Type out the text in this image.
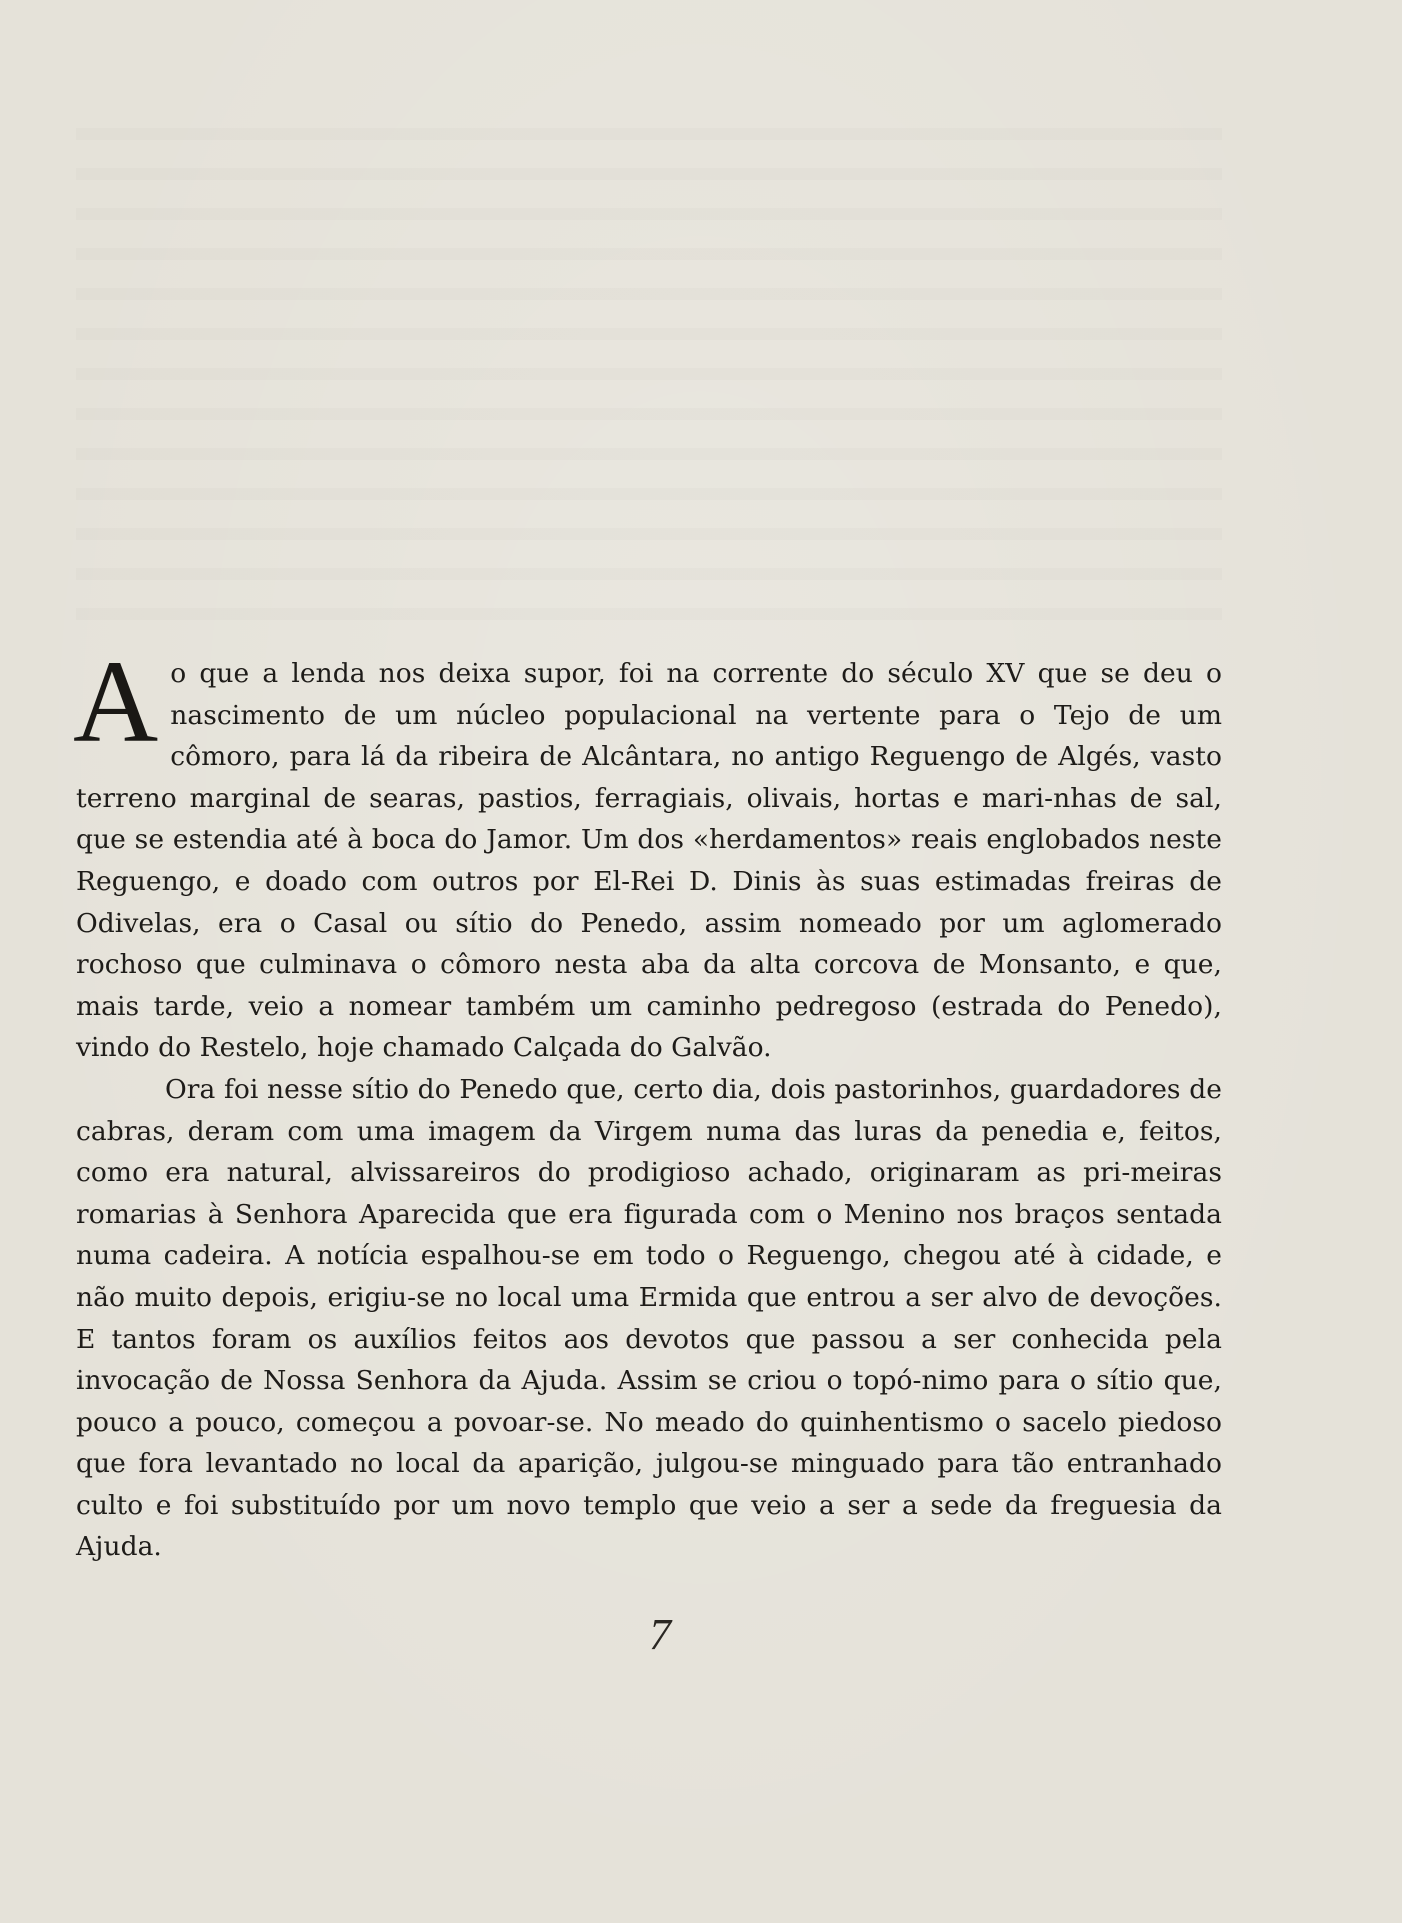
Ao que a lenda nos deixa supor, foi na corrente do século XV que se deu o nascimento de um núcleo populacional na vertente para o Tejo de um cômoro, para lá da ribeira de Alcântara, no antigo Reguengo de Algés, vasto terreno marginal de searas, pastios, ferragiais, olivais, hortas e mari-nhas de sal, que se estendia até à boca do Jamor. Um dos «herdamentos» reais englobados neste Reguengo, e doado com outros por El-Rei D. Dinis às suas estimadas freiras de Odivelas, era o Casal ou sítio do Penedo, assim nomeado por um aglomerado rochoso que culminava o cômoro nesta aba da alta corcova de Monsanto, e que, mais tarde, veio a nomear também um caminho pedregoso (estrada do Penedo), vindo do Restelo, hoje chamado Calçada do Galvão.

Ora foi nesse sítio do Penedo que, certo dia, dois pastorinhos, guardadores de cabras, deram com uma imagem da Virgem numa das luras da penedia e, feitos, como era natural, alvissareiros do prodigioso achado, originaram as pri-meiras romarias à Senhora Aparecida que era figurada com o Menino nos braços sentada numa cadeira. A notícia espalhou-se em todo o Reguengo, chegou até à cidade, e não muito depois, erigiu-se no local uma Ermida que entrou a ser alvo de devoções. E tantos foram os auxílios feitos aos devotos que passou a ser conhecida pela invocação de Nossa Senhora da Ajuda. Assim se criou o topó-nimo para o sítio que, pouco a pouco, começou a povoar-se. No meado do quinhentismo o sacelo piedoso que fora levantado no local da aparição, julgou-se minguado para tão entranhado culto e foi substituído por um novo templo que veio a ser a sede da freguesia da Ajuda.

7
